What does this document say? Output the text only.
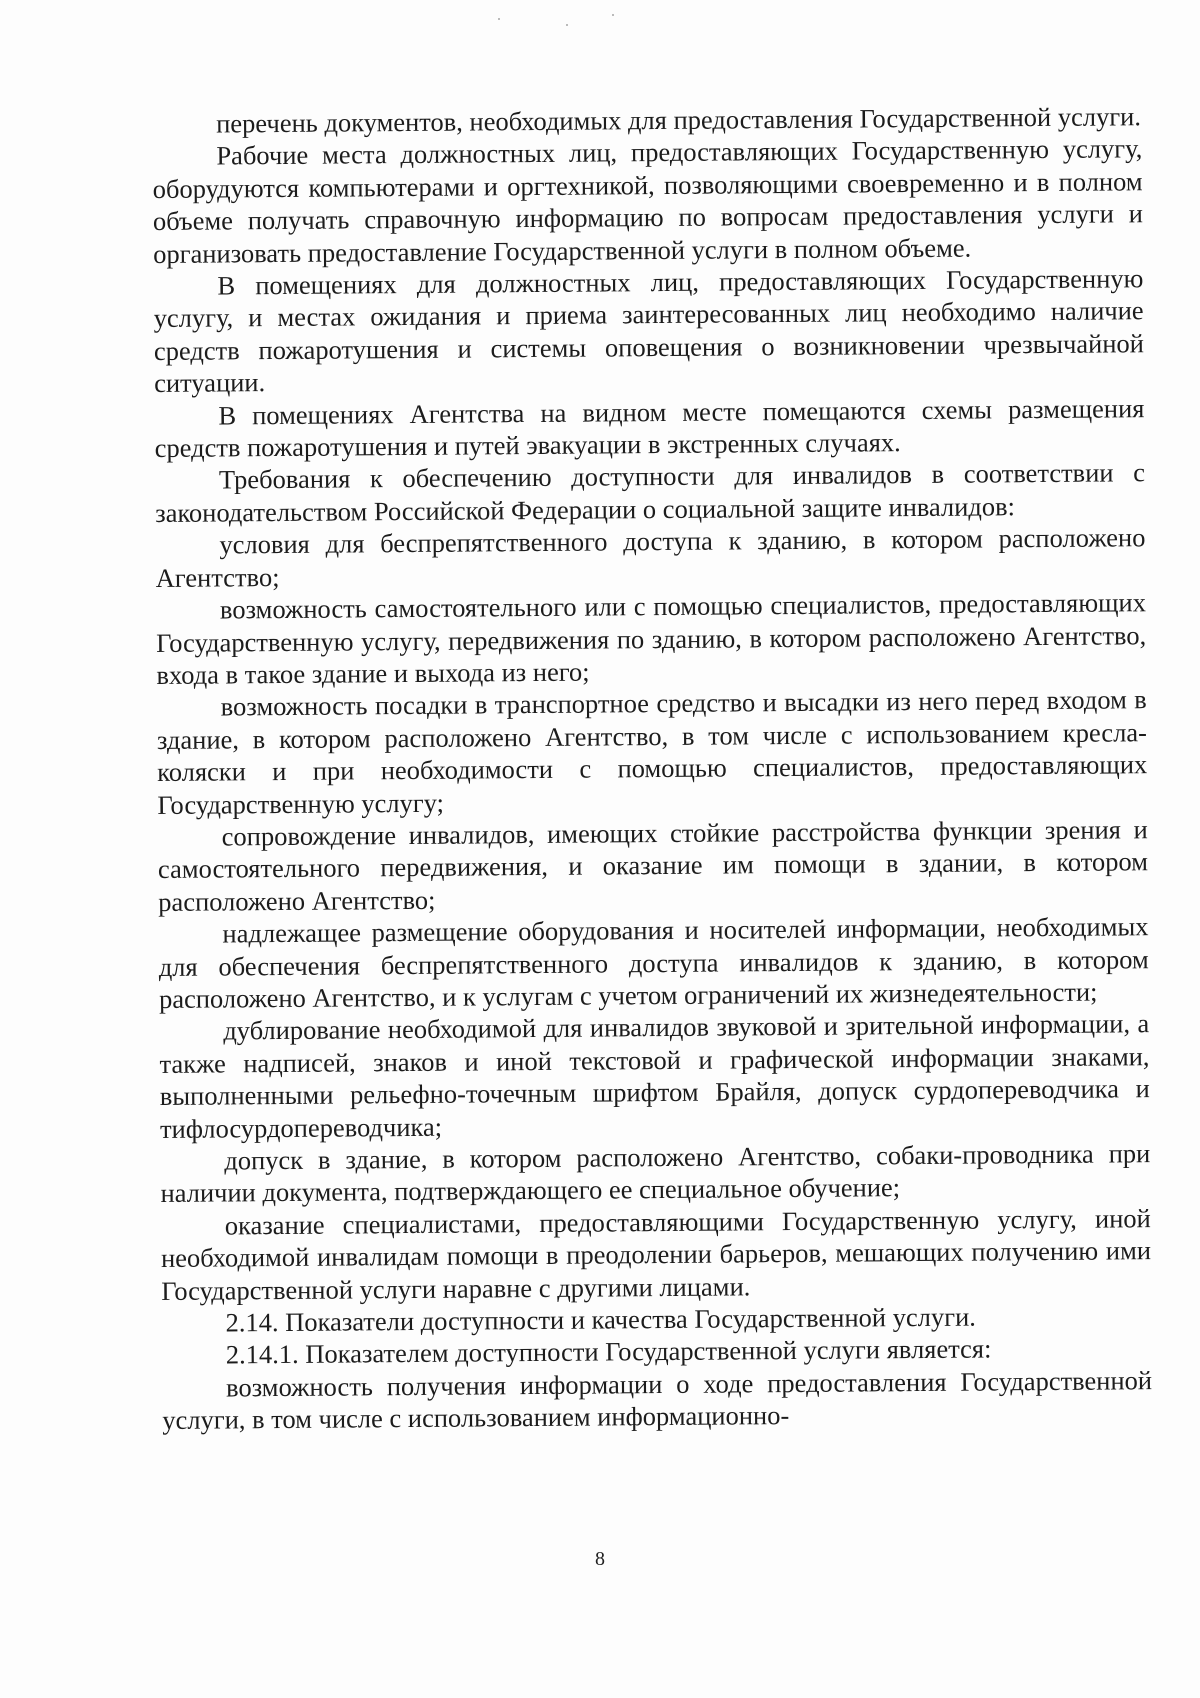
перечень документов, необходимых для предоставления Государственной услуги.

Рабочие места должностных лиц, предоставляющих Государственную услугу, оборудуются компьютерами и оргтехникой, позволяющими своевременно и в полном объеме получать справочную информацию по вопросам предоставления услуги и организовать предоставление Государственной услуги в полном объеме.

В помещениях для должностных лиц, предоставляющих Государственную услугу, и местах ожидания и приема заинтересованных лиц необходимо наличие средств пожаротушения и системы оповещения о возникновении чрезвычайной ситуации.

В помещениях Агентства на видном месте помещаются схемы размещения средств пожаротушения и путей эвакуации в экстренных случаях.

Требования к обеспечению доступности для инвалидов в соответствии с законодательством Российской Федерации о социальной защите инвалидов:

условия для беспрепятственного доступа к зданию, в котором расположено Агентство;

возможность самостоятельного или с помощью специалистов, предоставляющих Государственную услугу, передвижения по зданию, в котором расположено Агентство, входа в такое здание и выхода из него;

возможность посадки в транспортное средство и высадки из него перед входом в здание, в котором расположено Агентство, в том числе с использованием кресла-коляски и при необходимости с помощью специалистов, предоставляющих Государственную услугу;

сопровождение инвалидов, имеющих стойкие расстройства функции зрения и самостоятельного передвижения, и оказание им помощи в здании, в котором расположено Агентство;

надлежащее размещение оборудования и носителей информации, необходимых для обеспечения беспрепятственного доступа инвалидов к зданию, в котором расположено Агентство, и к услугам с учетом ограничений их жизнедеятельности;

дублирование необходимой для инвалидов звуковой и зрительной информации, а также надписей, знаков и иной текстовой и графической информации знаками, выполненными рельефно-точечным шрифтом Брайля, допуск сурдопереводчика и тифлосурдопереводчика;

допуск в здание, в котором расположено Агентство, собаки-проводника при наличии документа, подтверждающего ее специальное обучение;

оказание специалистами, предоставляющими Государственную услугу, иной необходимой инвалидам помощи в преодолении барьеров, мешающих получению ими Государственной услуги наравне с другими лицами.

2.14. Показатели доступности и качества Государственной услуги.

2.14.1. Показателем доступности Государственной услуги является:

возможность получения информации о ходе предоставления Государственной услуги, в том числе с использованием информационно-

8
